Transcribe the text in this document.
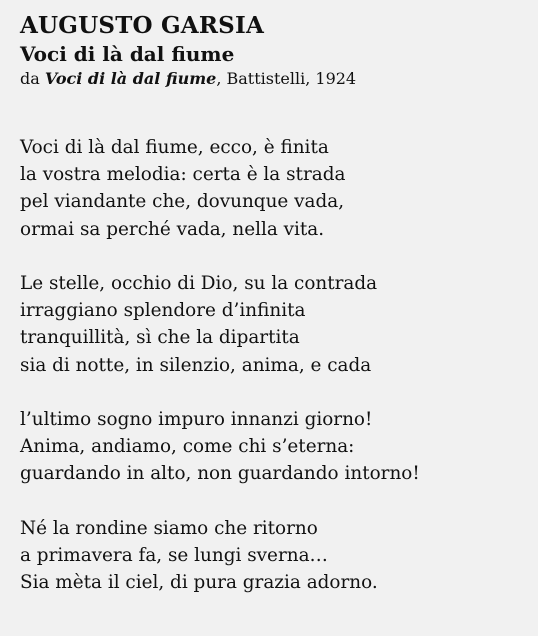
AUGUSTO GARSIA
Voci di là dal fiume

da Voci di là dal fiume, Battistelli, 1924

Voci di là dal fiume, ecco, è finita
la vostra melodia: certa è la strada
pel viandante che, dovunque vada,
ormai sa perché vada, nella vita.
Le stelle, occhio di Dio, su la contrada
irraggiano splendore d’infinita
tranquillità, sì che la dipartita
sia di notte, in silenzio, anima, e cada
l’ultimo sogno impuro innanzi giorno!
Anima, andiamo, come chi s’eterna:
guardando in alto, non guardando intorno!
Né la rondine siamo che ritorno
a primavera fa, se lungi sverna…
Sia mèta il ciel, di pura grazia adorno.
